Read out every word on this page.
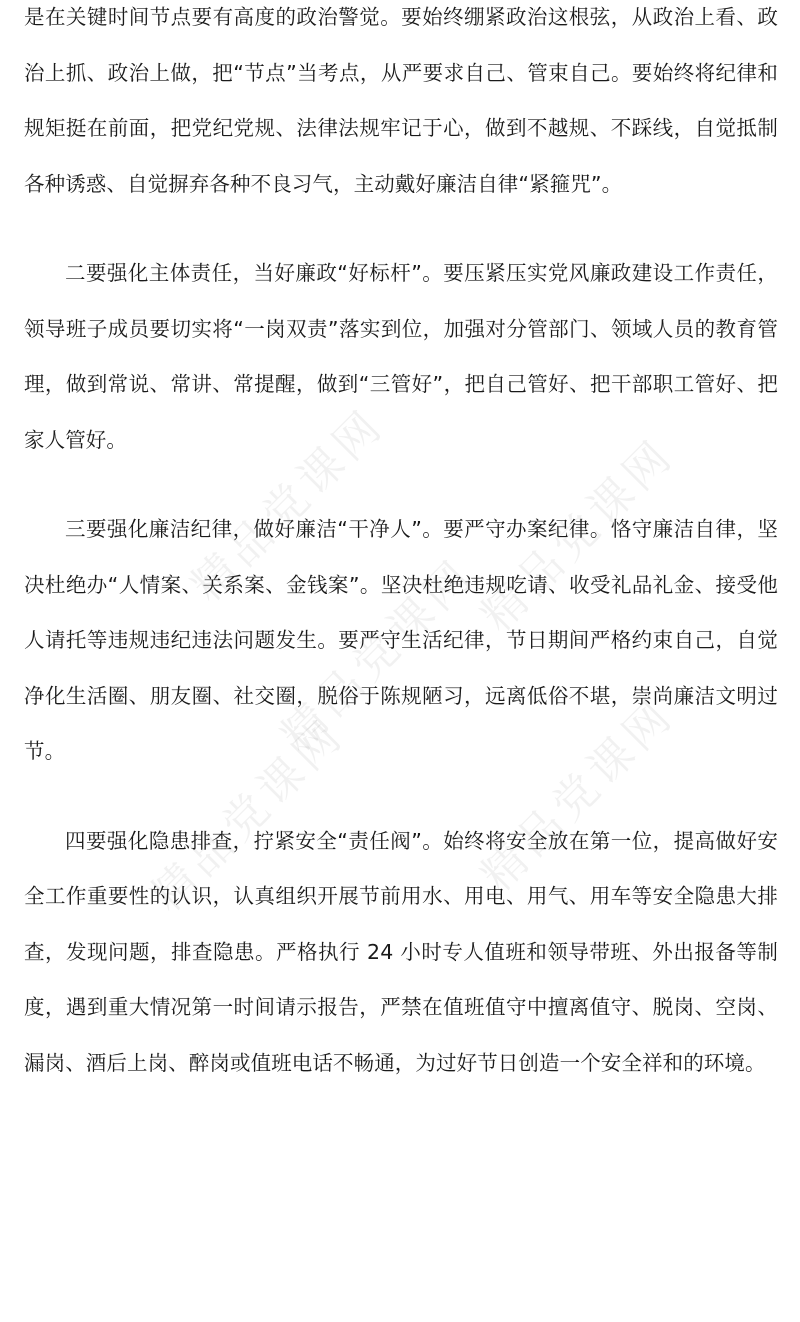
精品党课网 精品党课网
精品党课网
精品党课网	精品党课网

是在关键时间节点要有高度的政治警觉。要始终绷紧政治这根弦，从政治上看、政治上抓、政治上做，把“节点”当考点，从严要求自己、管束自己。要始终将纪律和规矩挺在前面，把党纪党规、法律法规牢记于心，做到不越规、不踩线，自觉抵制各种诱惑、自觉摒弃各种不良习气，主动戴好廉洁自律“紧箍咒”。

二要强化主体责任，当好廉政“好标杆”。要压紧压实党风廉政建设工作责任，领导班子成员要切实将“一岗双责”落实到位，加强对分管部门、领域人员的教育管理，做到常说、常讲、常提醒，做到“三管好”，把自己管好、把干部职工管好、把家人管好。

三要强化廉洁纪律，做好廉洁“干净人”。要严守办案纪律。恪守廉洁自律，坚决杜绝办“人情案、关系案、金钱案”。坚决杜绝违规吃请、收受礼品礼金、接受他人请托等违规违纪违法问题发生。要严守生活纪律，节日期间严格约束自己，自觉净化生活圈、朋友圈、社交圈，脱俗于陈规陋习，远离低俗不堪，崇尚廉洁文明过节。

四要强化隐患排查，拧紧安全“责任阀”。始终将安全放在第一位，提高做好安全工作重要性的认识，认真组织开展节前用水、用电、用气、用车等安全隐患大排查，发现问题，排查隐患。严格执行 24 小时专人值班和领导带班、外出报备等制度，遇到重大情况第一时间请示报告，严禁在值班值守中擅离值守、脱岗、空岗、漏岗、酒后上岗、醉岗或值班电话不畅通，为过好节日创造一个安全祥和的环境。
